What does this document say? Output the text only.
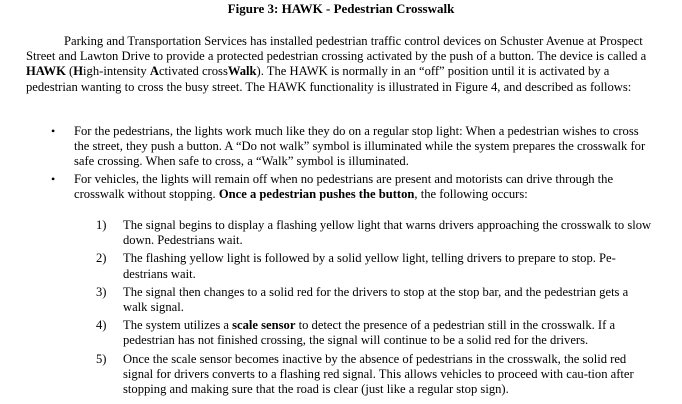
Figure 3: HAWK - Pedestrian Crosswalk

Parking and Transportation Services has installed pedestrian traffic control devices on Schuster Avenue at Prospect Street and Lawton Drive to provide a protected pedestrian crossing activated by the push of a button. The device is called a HAWK (High-intensity Activated crossWalk). The HAWK is normally in an “off” position until it is activated by a pedestrian wanting to cross the busy street. The HAWK functionality is illustrated in Figure 4, and described as follows:

• For the pedestrians, the lights work much like they do on a regular stop light: When a pedestrian wishes to cross the street, they push a button. A “Do not walk” symbol is illuminated while the system prepares the crosswalk for safe crossing. When safe to cross, a “Walk” symbol is illuminated.
• For vehicles, the lights will remain off when no pedestrians are present and motorists can drive through the crosswalk without stopping. Once a pedestrian pushes the button, the following occurs:
1) The signal begins to display a flashing yellow light that warns drivers approaching the crosswalk to slow down. Pedestrians wait.
2) The flashing yellow light is followed by a solid yellow light, telling drivers to prepare to stop. Pe-destrians wait.
3) The signal then changes to a solid red for the drivers to stop at the stop bar, and the pedestrian gets a walk signal.
4) The system utilizes a scale sensor to detect the presence of a pedestrian still in the crosswalk. If a pedestrian has not finished crossing, the signal will continue to be a solid red for the drivers.
5) Once the scale sensor becomes inactive by the absence of pedestrians in the crosswalk, the solid red signal for drivers converts to a flashing red signal. This allows vehicles to proceed with cau-tion after stopping and making sure that the road is clear (just like a regular stop sign).
